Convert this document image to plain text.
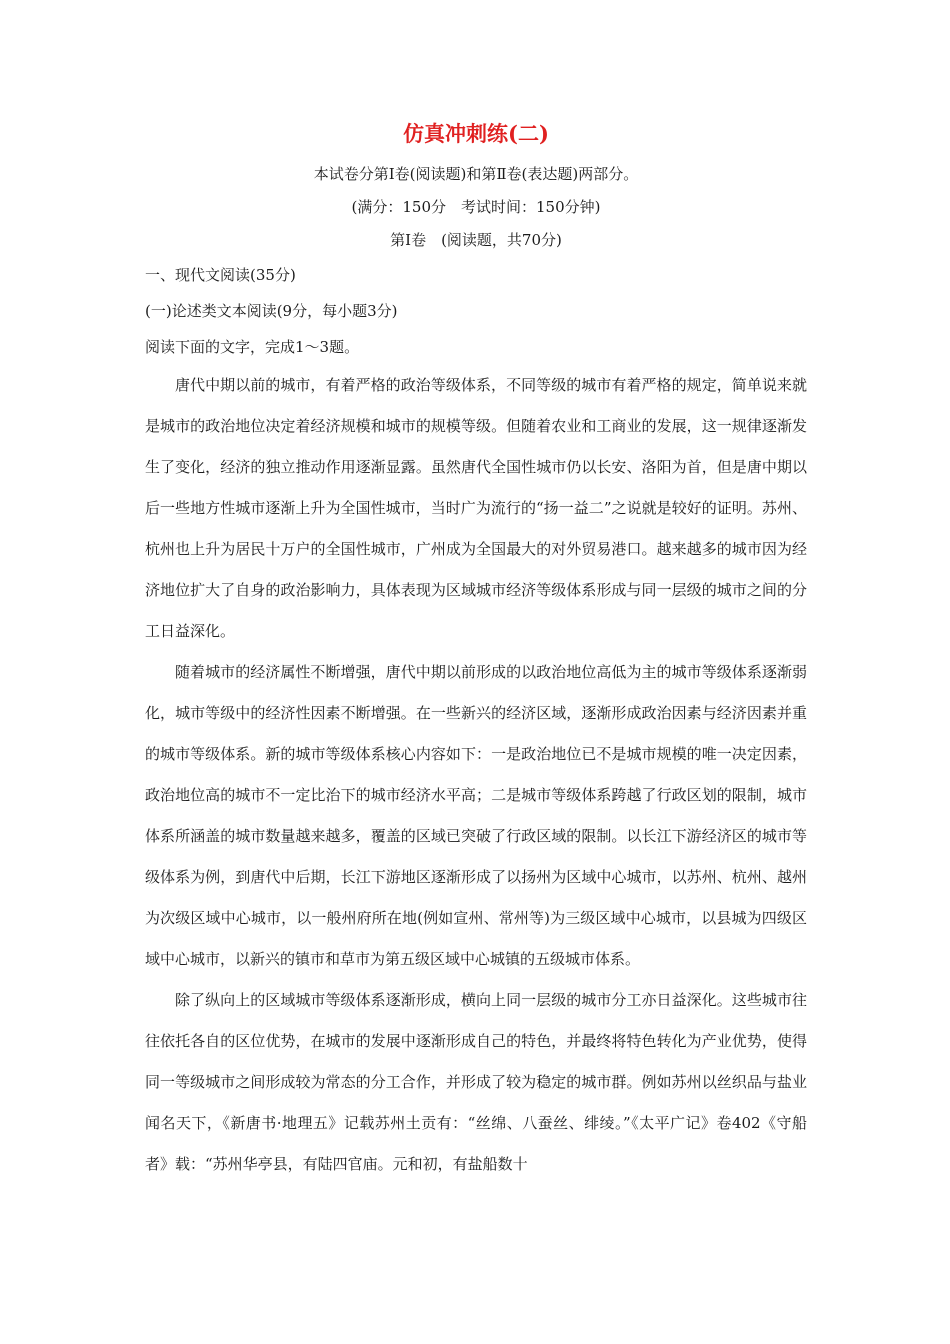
仿真冲刺练(二)

本试卷分第Ⅰ卷(阅读题)和第Ⅱ卷(表达题)两部分。

(满分：150分　考试时间：150分钟)

第Ⅰ卷　(阅读题，共70分)

一、现代文阅读(35分)

(一)论述类文本阅读(9分，每小题3分)

阅读下面的文字，完成1～3题。

唐代中期以前的城市，有着严格的政治等级体系，不同等级的城市有着严格的规定，简单说来就是城市的政治地位决定着经济规模和城市的规模等级。但随着农业和工商业的发展，这一规律逐渐发生了变化，经济的独立推动作用逐渐显露。虽然唐代全国性城市仍以长安、洛阳为首，但是唐中期以后一些地方性城市逐渐上升为全国性城市，当时广为流行的“扬一益二”之说就是较好的证明。苏州、杭州也上升为居民十万户的全国性城市，广州成为全国最大的对外贸易港口。越来越多的城市因为经济地位扩大了自身的政治影响力，具体表现为区域城市经济等级体系形成与同一层级的城市之间的分工日益深化。

随着城市的经济属性不断增强，唐代中期以前形成的以政治地位高低为主的城市等级体系逐渐弱化，城市等级中的经济性因素不断增强。在一些新兴的经济区域，逐渐形成政治因素与经济因素并重的城市等级体系。新的城市等级体系核心内容如下：一是政治地位已不是城市规模的唯一决定因素，政治地位高的城市不一定比治下的城市经济水平高；二是城市等级体系跨越了行政区划的限制，城市体系所涵盖的城市数量越来越多，覆盖的区域已突破了行政区域的限制。以长江下游经济区的城市等级体系为例，到唐代中后期，长江下游地区逐渐形成了以扬州为区域中心城市，以苏州、杭州、越州为次级区域中心城市，以一般州府所在地(例如宣州、常州等)为三级区域中心城市，以县城为四级区域中心城市，以新兴的镇市和草市为第五级区域中心城镇的五级城市体系。

除了纵向上的区域城市等级体系逐渐形成，横向上同一层级的城市分工亦日益深化。这些城市往往依托各自的区位优势，在城市的发展中逐渐形成自己的特色，并最终将特色转化为产业优势，使得同一等级城市之间形成较为常态的分工合作，并形成了较为稳定的城市群。例如苏州以丝织品与盐业闻名天下，《新唐书·地理五》记载苏州土贡有：“丝绵、八蚕丝、绯绫。”《太平广记》卷402《守船者》载：“苏州华亭县，有陆四官庙。元和初，有盐船数十
